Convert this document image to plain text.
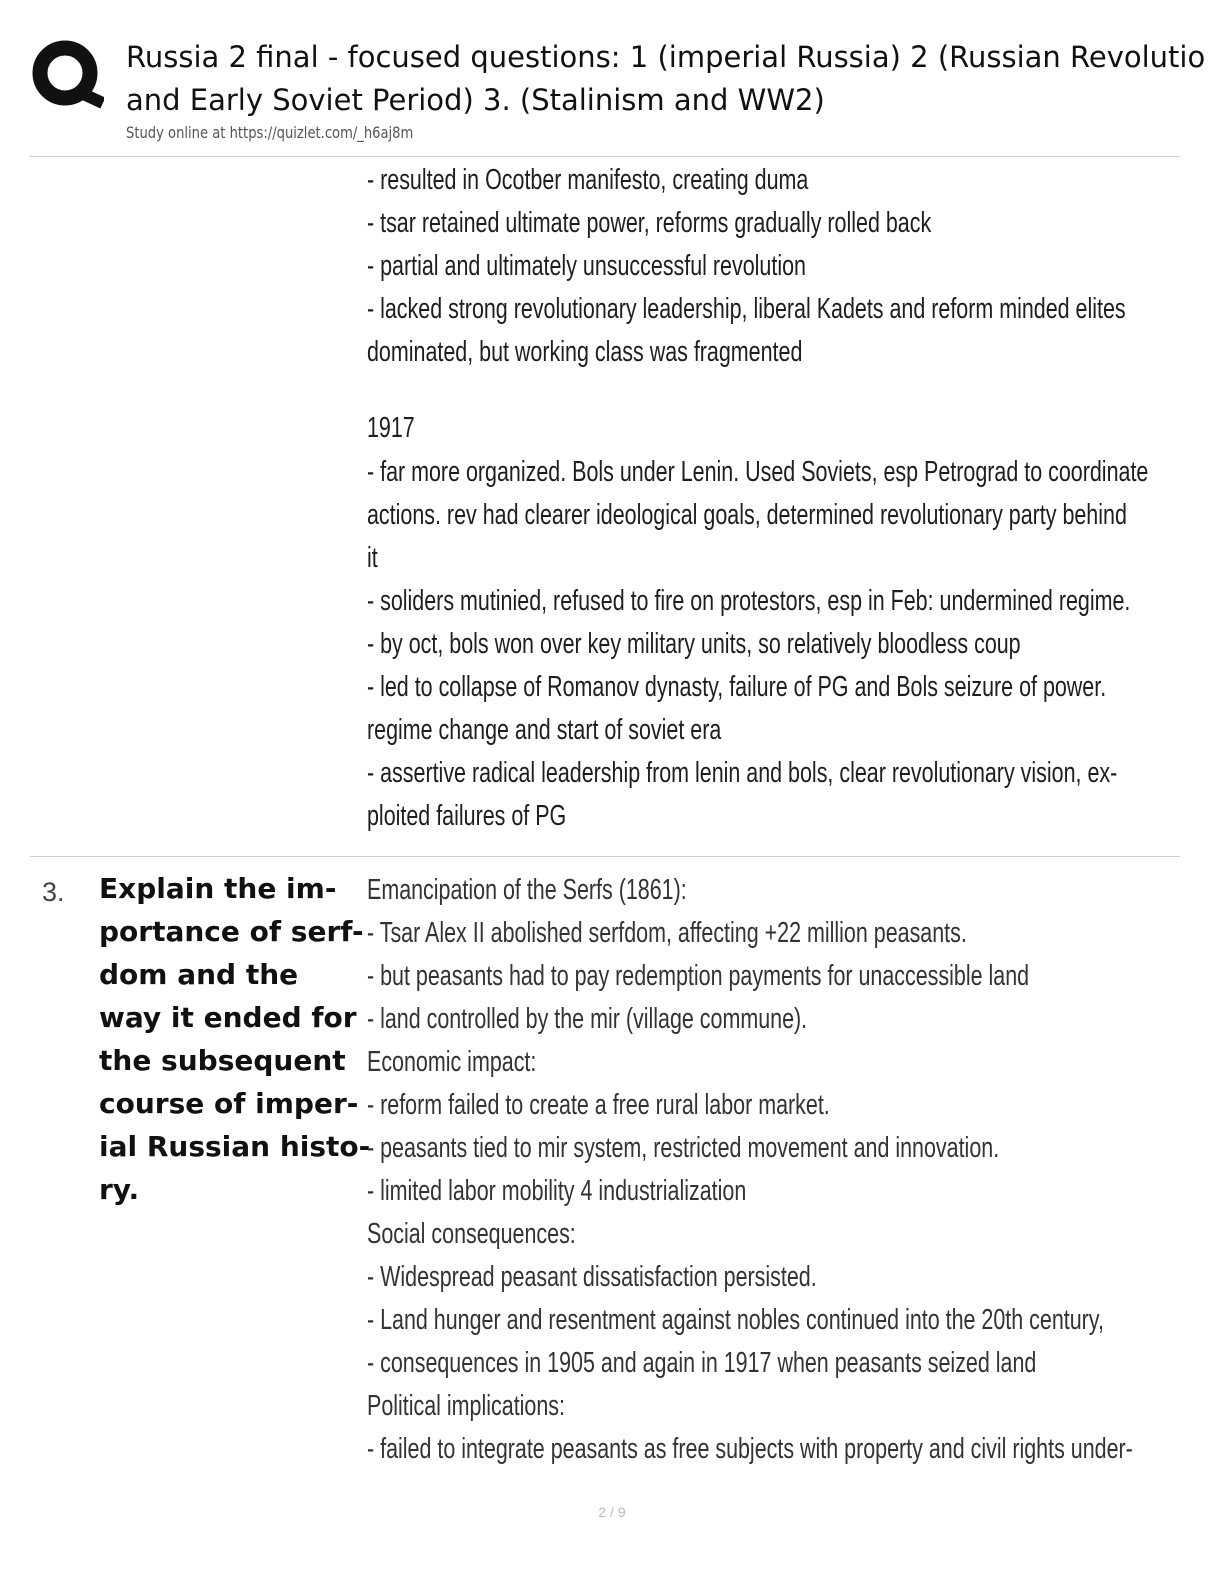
Russia 2 final - focused questions: 1 (imperial Russia) 2 (Russian Revolutio
and Early Soviet Period) 3. (Stalinism and WW2)
Study online at https://quizlet.com/_h6aj8m
- resulted in Ocotber manifesto, creating duma
- tsar retained ultimate power, reforms gradually rolled back
- partial and ultimately unsuccessful revolution
- lacked strong revolutionary leadership, liberal Kadets and reform minded elites
dominated, but working class was fragmented
1917
- far more organized. Bols under Lenin. Used Soviets, esp Petrograd to coordinate
actions. rev had clearer ideological goals, determined revolutionary party behind
it
- soliders mutinied, refused to fire on protestors, esp in Feb: undermined regime.
- by oct, bols won over key military units, so relatively bloodless coup
- led to collapse of Romanov dynasty, failure of PG and Bols seizure of power.
regime change and start of soviet era
- assertive radical leadership from lenin and bols, clear revolutionary vision, ex-
ploited failures of PG
3. Explain the im-
portance of serf-
dom and the
way it ended for
the subsequent
course of imper-
ial Russian histo-
ry.
Emancipation of the Serfs (1861):
- Tsar Alex II abolished serfdom, affecting +22 million peasants.
- but peasants had to pay redemption payments for unaccessible land
- land controlled by the mir (village commune).
Economic impact:
- reform failed to create a free rural labor market.
- peasants tied to mir system, restricted movement and innovation.
- limited labor mobility 4 industrialization
Social consequences:
- Widespread peasant dissatisfaction persisted.
- Land hunger and resentment against nobles continued into the 20th century,
- consequences in 1905 and again in 1917 when peasants seized land
Political implications:
- failed to integrate peasants as free subjects with property and civil rights under-
2 / 9
